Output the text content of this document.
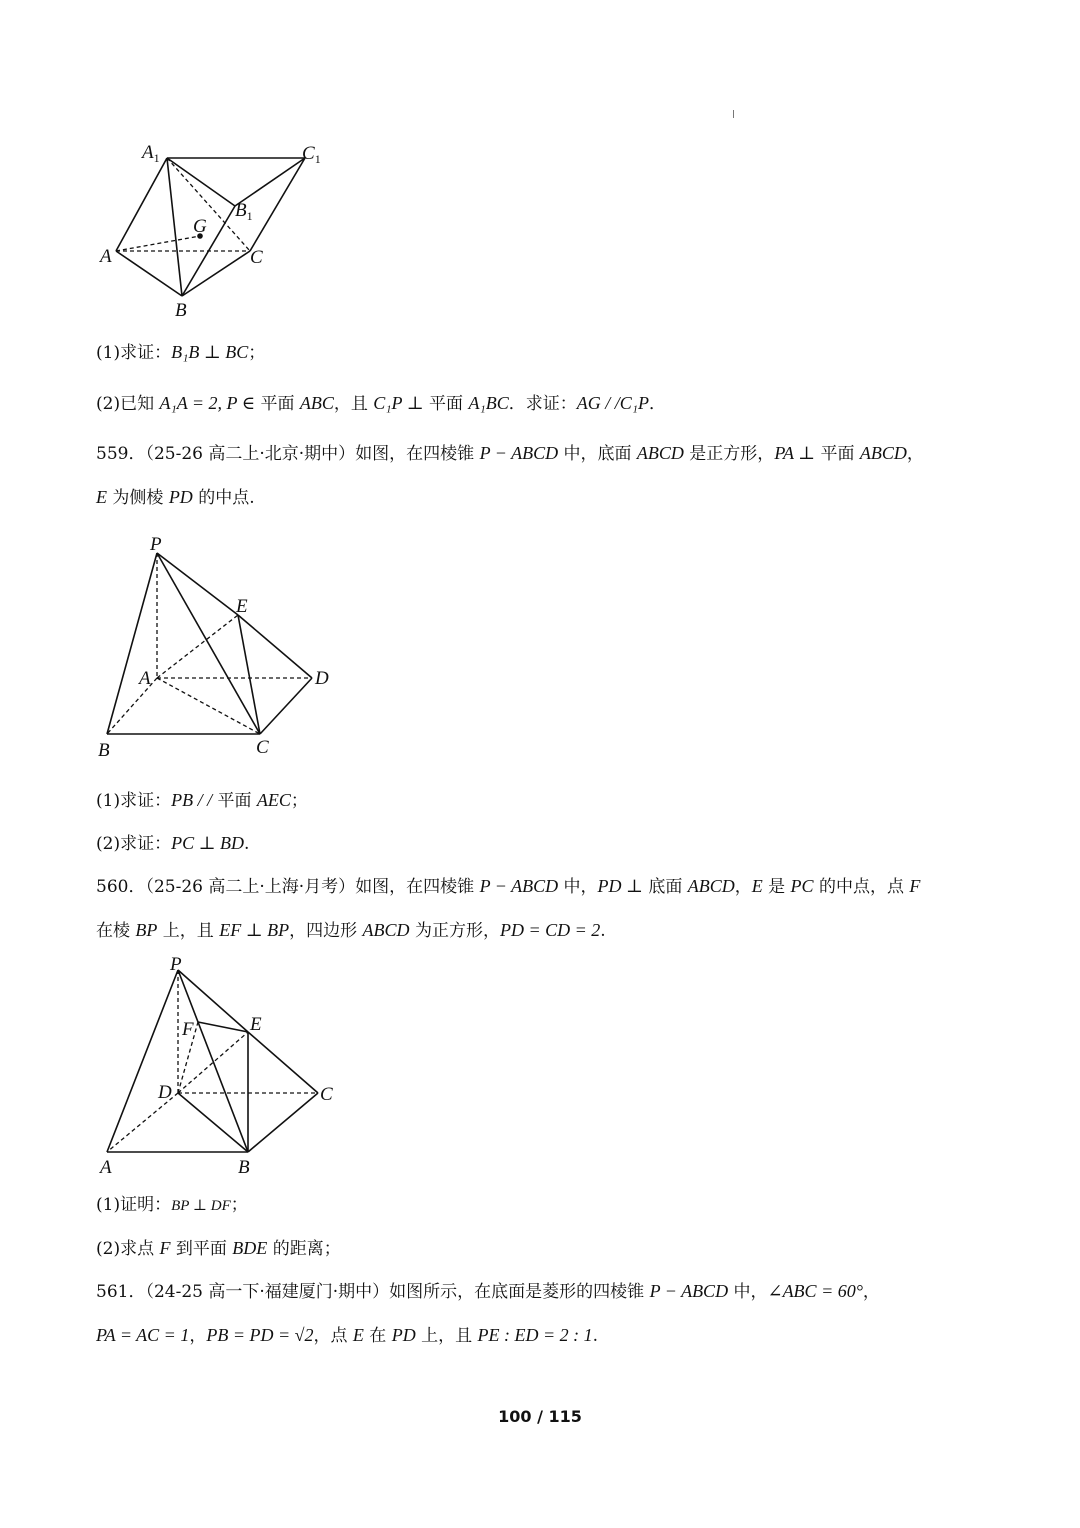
$A_1$	$C_1$
$B_1$
G
A	C
B
(1)求证：B₁B ⊥ BC；
(2)已知 A₁A = 2, P ∈ 平面 ABC，且 C₁P ⊥ 平面 A₁BC．求证：AG / /C₁P．
559．（25-26 高二上·北京·期中）如图，在四棱锥 P − ABCD 中，底面 ABCD 是正方形，PA ⊥ 平面 ABCD，
E 为侧棱 PD 的中点.
P
E
A	D
B	C
(1)求证：PB / / 平面 AEC；
(2)求证：PC ⊥ BD.
560．（25-26 高二上·上海·月考）如图，在四棱锥 P − ABCD 中，PD ⊥ 底面 ABCD，E 是 PC 的中点，点 F
在棱 BP 上，且 EF ⊥ BP，四边形 ABCD 为正方形，PD = CD = 2.
P
F	E
D	C
A	B
(1)证明：BP ⊥ DF；
(2)求点 F 到平面 BDE 的距离；
561．（24-25 高一下·福建厦门·期中）如图所示，在底面是菱形的四棱锥 P − ABCD 中，∠ABC = 60°，
PA = AC = 1，PB = PD = √2，点 E 在 PD 上，且 PE : ED = 2 : 1.
100 / 115
